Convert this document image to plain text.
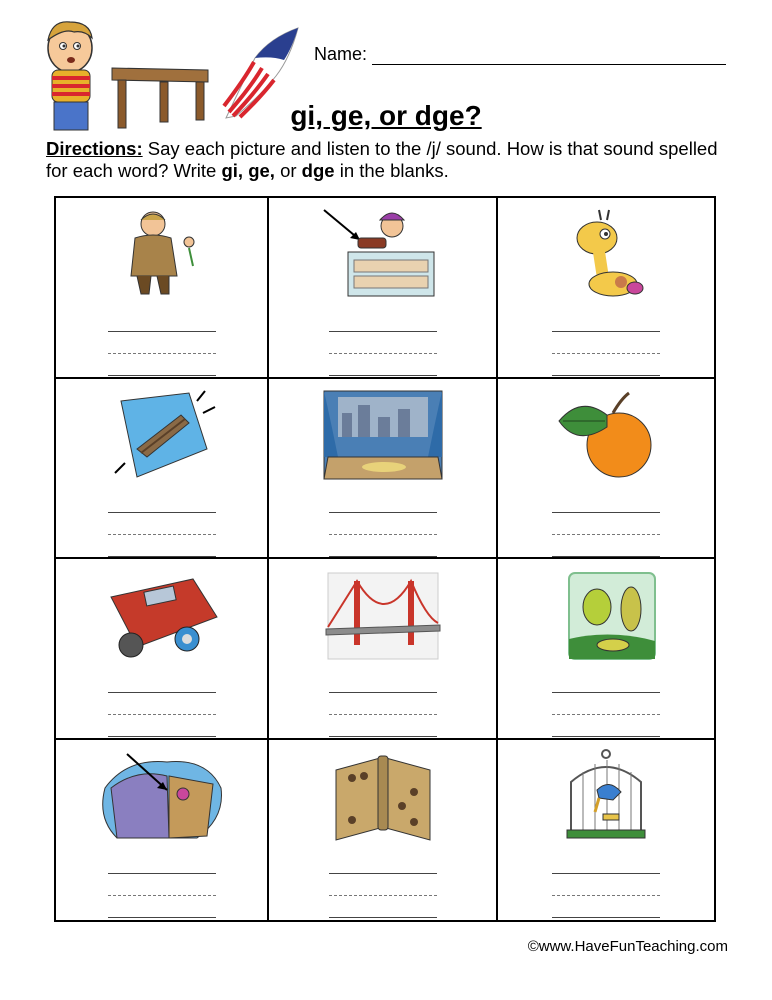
Name:
gi, ge, or dge?
Directions: Say each picture and listen to the /j/ sound. How is that sound spelled for each word? Write gi, ge, or dge in the blanks.
©www.HaveFunTeaching.com
